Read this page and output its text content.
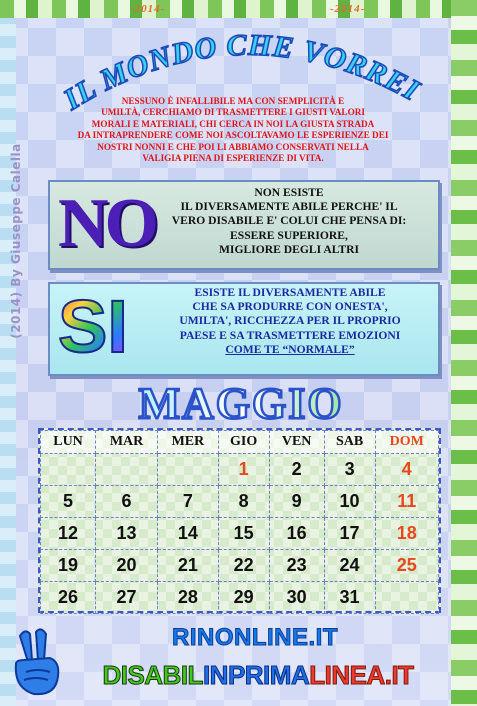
-2014-	-2014-
(2014) By Giuseppe Calella
IL MONDO CHE VORREI
NESSUNO È INFALLIBILE MA CON SEMPLICITÀ E
UMILTÀ, CERCHIAMO DI TRASMETTERE I GIUSTI VALORI
MORALI E MATERIALI, CHI CERCA IN NOI LA GIUSTA STRADA
DA INTRAPRENDERE COME NOI ASCOLTAVAMO LE ESPERIENZE DEI
NOSTRI NONNI E CHE POI LI ABBIAMO CONSERVATI NELLA
VALIGIA PIENA DI ESPERIENZE DI VITA.
NO	NON ESISTE
IL DIVERSAMENTE ABILE PERCHE' IL
VERO DISABILE E' COLUI CHE PENSA DI:
ESSERE SUPERIORE,
MIGLIORE DEGLI ALTRI
SI	ESISTE IL DIVERSAMENTE ABILE
CHE SA PRODURRE CON ONESTA',
UMILTA', RICCHEZZA PER IL PROPRIO
PAESE E SA TRASMETTERE EMOZIONI
COME TE “NORMALE”
MAGGIO
LUN	MAR	MER	GIO	VEN	SAB	DOM
			1	2	3	4
5	6	7	8	9	10	11
12	13	14	15	16	17	18
19	20	21	22	23	24	25
26	27	28	29	30	31	
RINONLINE.IT
DISABILINPRIMALINEA.IT
